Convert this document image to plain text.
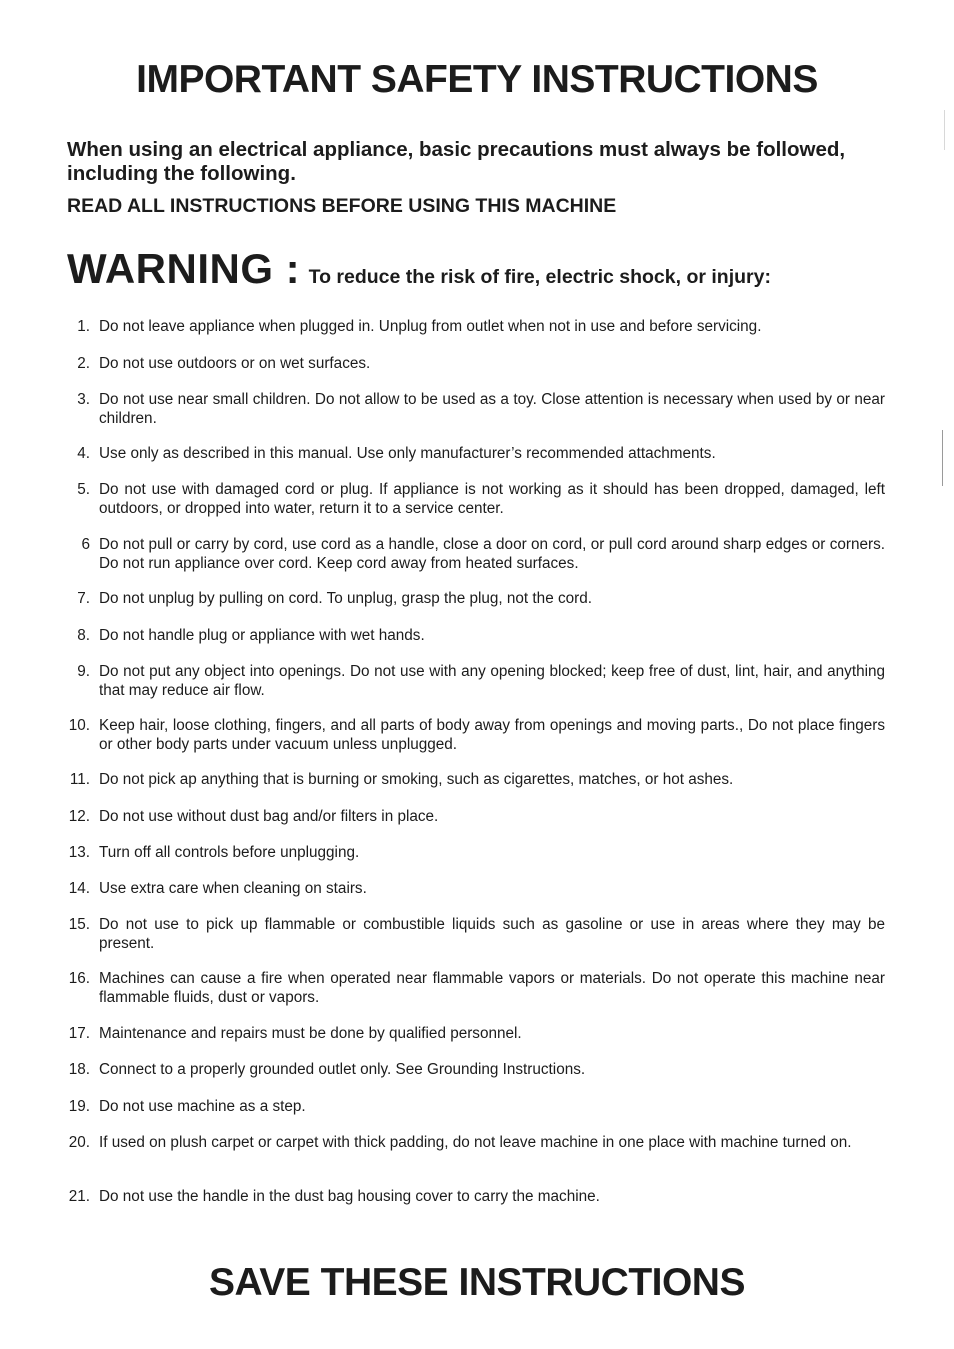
IMPORTANT SAFETY INSTRUCTIONS

When using an electrical appliance, basic precautions must always be followed, including the following.

READ ALL INSTRUCTIONS BEFORE USING THIS MACHINE

WARNING : To reduce the risk of fire, electric shock, or injury:
1. Do not leave appliance when plugged in. Unplug from outlet when not in use and before servicing.
2. Do not use outdoors or on wet surfaces.
3. Do not use near small children. Do not allow to be used as a toy. Close attention is necessary when used by or near children.
4. Use only as described in this manual. Use only manufacturer’s recommended attachments.
5. Do not use with damaged cord or plug. If appliance is not working as it should has been dropped, damaged, left outdoors, or dropped into water, return it to a service center.
6 Do not pull or carry by cord, use cord as a handle, close a door on cord, or pull cord around sharp edges or corners. Do not run appliance over cord. Keep cord away from heated surfaces.
7. Do not unplug by pulling on cord. To unplug, grasp the plug, not the cord.
8. Do not handle plug or appliance with wet hands.
9. Do not put any object into openings. Do not use with any opening blocked; keep free of dust, lint, hair, and anything that may reduce air flow.
10. Keep hair, loose clothing, fingers, and all parts of body away from openings and moving parts., Do not place fingers or other body parts under vacuum unless unplugged.
11. Do not pick ap anything that is burning or smoking, such as cigarettes, matches, or hot ashes.
12. Do not use without dust bag and/or filters in place.
13. Turn off all controls before unplugging.
14. Use extra care when cleaning on stairs.
15. Do not use to pick up flammable or combustible liquids such as gasoline or use in areas where they may be present.
16. Machines can cause a fire when operated near flammable vapors or materials. Do not operate this machine near flammable fluids, dust or vapors.
17. Maintenance and repairs must be done by qualified personnel.
18. Connect to a properly grounded outlet only. See Grounding Instructions.
19. Do not use machine as a step.
20. If used on plush carpet or carpet with thick padding, do not leave machine in one place with machine turned on.
21. Do not use the handle in the dust bag housing cover to carry the machine.
SAVE THESE INSTRUCTIONS
